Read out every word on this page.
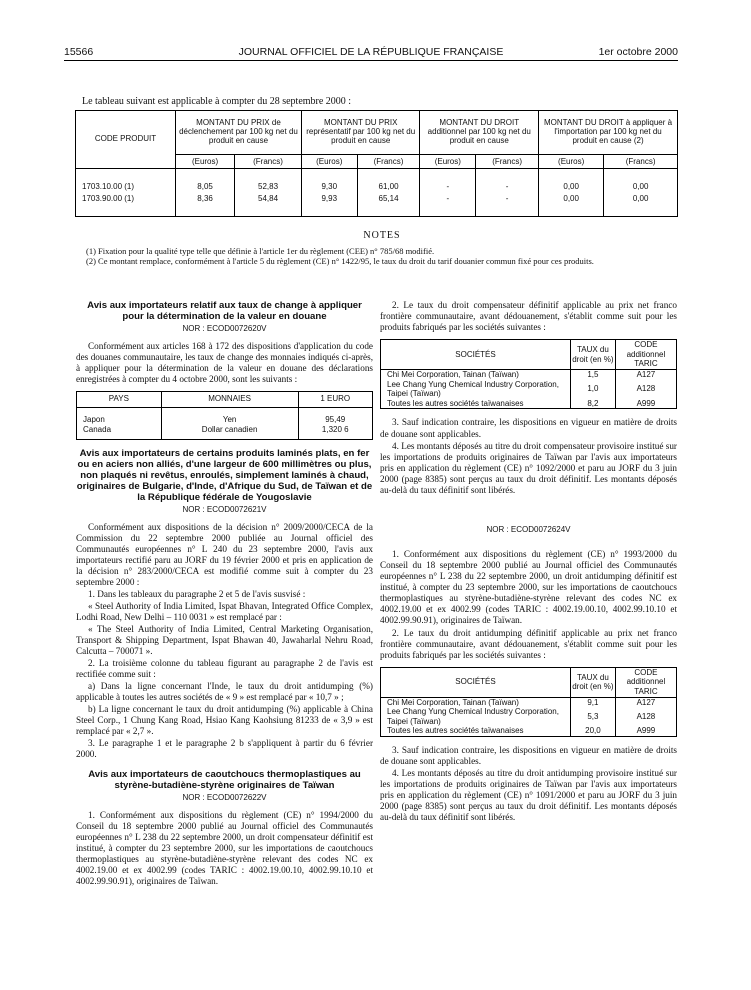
15566	JOURNAL OFFICIEL DE LA RÉPUBLIQUE FRANÇAISE	1er octobre 2000
Le tableau suivant est applicable à compter du 28 septembre 2000 :
CODE PRODUIT	MONTANT DU PRIX de déclenchement par 100 kg net du produit en cause		MONTANT DU PRIX représentatif par 100 kg net du produit en cause		MONTANT DU DROIT additionnel par 100 kg net du produit en cause		MONTANT DU DROIT à appliquer à l'importation par 100 kg net du produit en cause (2)	
	(Euros)	(Francs)	(Euros)	(Francs)	(Euros)	(Francs)	(Euros)	(Francs)

1703.10.00 (1)	8,05	52,83	9,30	61,00	-	-	0,00	0,00
1703.90.00 (1)	8,36	54,84	9,93	65,14	-	-	0,00	0,00

NOTES
(1) Fixation pour la qualité type telle que définie à l'article 1er du règlement (CEE) n° 785/68 modifié.
(2) Ce montant remplace, conformément à l'article 5 du règlement (CE) n° 1422/95, le taux du droit du tarif douanier commun fixé pour ces produits.
Avis aux importateurs relatif aux taux de change à appliquer pour la détermination de la valeur en douane
NOR : ECOD0072620V

Conformément aux articles 168 à 172 des dispositions d'application du code des douanes communautaire, les taux de change des monnaies indiqués ci-après, à appliquer pour la détermination de la valeur en douane des déclarations enregistrées à compter du 4 octobre 2000, sont les suivants :

PAYS	MONNAIES	1 EURO

Japon	Yen	95,49
Canada	Dollar canadien	1,320 6

Avis aux importateurs de certains produits laminés plats, en fer ou en aciers non alliés, d'une largeur de 600 millimètres ou plus, non plaqués ni revêtus, enroulés, simplement laminés à chaud, originaires de Bulgarie, d'Inde, d'Afrique du Sud, de Taïwan et de la République fédérale de Yougoslavie
NOR : ECOD0072621V

Conformément aux dispositions de la décision n° 2009/2000/CECA de la Commission du 22 septembre 2000 publiée au Journal officiel des Communautés européennes n° L 240 du 23 septembre 2000, l'avis aux importateurs rectifié paru au JORF du 19 février 2000 et pris en application de la décision n° 283/2000/CECA est modifié comme suit à compter du 23 septembre 2000 :

1. Dans les tableaux du paragraphe 2 et 5 de l'avis susvisé :

« Steel Authority of India Limited, Ispat Bhavan, Integrated Office Complex, Lodhi Road, New Delhi – 110 0031 » est remplacé par :

« The Steel Authority of India Limited, Central Marketing Organisation, Transport & Shipping Department, Ispat Bhawan 40, Jawaharlal Nehru Road, Calcutta – 700071 ».

2. La troisième colonne du tableau figurant au paragraphe 2 de l'avis est rectifiée comme suit :

a) Dans la ligne concernant l'Inde, le taux du droit antidumping (%) applicable à toutes les autres sociétés de « 9 » est remplacé par « 10,7 » ;

b) La ligne concernant le taux du droit antidumping (%) applicable à China Steel Corp., 1 Chung Kang Road, Hsiao Kang Kaohsiung 81233 de « 3,9 » est remplacé par « 2,7 ».

3. Le paragraphe 1 et le paragraphe 2 b s'appliquent à partir du 6 février 2000.

Avis aux importateurs de caoutchoucs thermoplastiques au styrène-butadiène-styrène originaires de Taïwan
NOR : ECOD0072622V

1. Conformément aux dispositions du règlement (CE) n° 1994/2000 du Conseil du 18 septembre 2000 publié au Journal officiel des Communautés européennes n° L 238 du 22 septembre 2000, un droit compensateur définitif est institué, à compter du 23 septembre 2000, sur les importations de caoutchoucs thermoplastiques au styrène-butadiène-styrène relevant des codes NC ex 4002.19.00 et ex 4002.99 (codes TARIC : 4002.19.00.10, 4002.99.10.10 et 4002.99.90.91), originaires de Taïwan.

2. Le taux du droit compensateur définitif applicable au prix net franco frontière communautaire, avant dédouanement, s'établit comme suit pour les produits fabriqués par les sociétés suivantes :

SOCIÉTÉS	TAUX du droit (en %)	CODE additionnel TARIC
Chi Mei Corporation, Tainan (Taïwan)	1,5	A127
Lee Chang Yung Chemical Industry Corporation, Taipei (Taïwan)	1,0	A128
Toutes les autres sociétés taïwanaises	8,2	A999

3. Sauf indication contraire, les dispositions en vigueur en matière de droits de douane sont applicables.

4. Les montants déposés au titre du droit compensateur provisoire institué sur les importations de produits originaires de Taïwan par l'avis aux importateurs pris en application du règlement (CE) n° 1092/2000 et paru au JORF du 3 juin 2000 (page 8385) sont perçus au taux du droit définitif. Les montants déposés au-delà du taux définitif sont libérés.

NOR : ECOD0072624V

1. Conformément aux dispositions du règlement (CE) n° 1993/2000 du Conseil du 18 septembre 2000 publié au Journal officiel des Communautés européennes n° L 238 du 22 septembre 2000, un droit antidumping définitif est institué, à compter du 23 septembre 2000, sur les importations de caoutchoucs thermoplastiques au styrène-butadiène-styrène relevant des codes NC ex 4002.19.00 et ex 4002.99 (codes TARIC : 4002.19.00.10, 4002.99.10.10 et 4002.99.90.91), originaires de Taïwan.

2. Le taux du droit antidumping définitif applicable au prix net franco frontière communautaire, avant dédouanement, s'établit comme suit pour les produits fabriqués par les sociétés suivantes :

SOCIÉTÉS	TAUX du droit (en %)	CODE additionnel TARIC
Chi Mei Corporation, Tainan (Taïwan)	9,1	A127
Lee Chang Yung Chemical Industry Corporation, Taipei (Taïwan)	5,3	A128
Toutes les autres sociétés taïwanaises	20,0	A999

3. Sauf indication contraire, les dispositions en vigueur en matière de droits de douane sont applicables.

4. Les montants déposés au titre du droit antidumping provisoire institué sur les importations de produits originaires de Taïwan par l'avis aux importateurs pris en application du règlement (CE) n° 1091/2000 et paru au JORF du 3 juin 2000 (page 8385) sont perçus au taux du droit définitif. Les montants déposés au-delà du taux définitif sont libérés.
